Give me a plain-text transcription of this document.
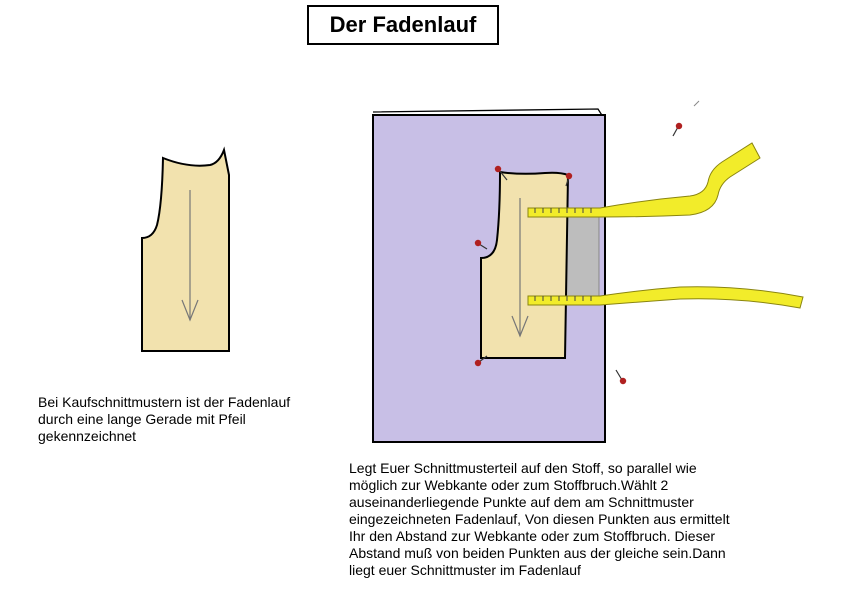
Der Fadenlauf
Bei Kaufschnittmustern ist der Fadenlauf
durch eine lange Gerade mit Pfeil
gekennzeichnet
Legt Euer Schnittmusterteil auf den Stoff, so parallel wie
möglich zur Webkante oder zum Stoffbruch.Wählt 2
auseinanderliegende Punkte auf dem am Schnittmuster
eingezeichneten Fadenlauf, Von diesen Punkten aus ermittelt
Ihr den Abstand zur Webkante oder zum Stoffbruch. Dieser
Abstand muß von beiden Punkten aus der gleiche sein.Dann
liegt euer Schnittmuster im Fadenlauf
